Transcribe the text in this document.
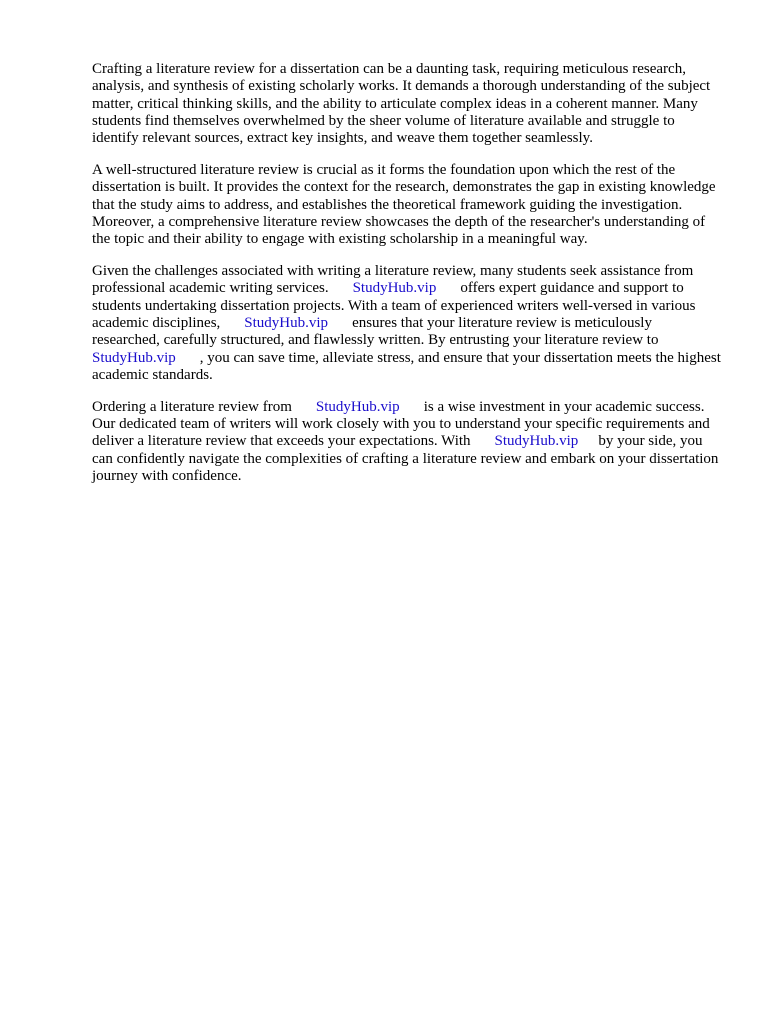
Crafting a literature review for a dissertation can be a daunting task, requiring meticulous research, analysis, and synthesis of existing scholarly works. It demands a thorough understanding of the subject matter, critical thinking skills, and the ability to articulate complex ideas in a coherent manner. Many students find themselves overwhelmed by the sheer volume of literature available and struggle to identify relevant sources, extract key insights, and weave them together seamlessly.

A well-structured literature review is crucial as it forms the foundation upon which the rest of the dissertation is built. It provides the context for the research, demonstrates the gap in existing knowledge that the study aims to address, and establishes the theoretical framework guiding the investigation. Moreover, a comprehensive literature review showcases the depth of the researcher's understanding of the topic and their ability to engage with existing scholarship in a meaningful way.

Given the challenges associated with writing a literature review, many students seek assistance from professional academic writing services. StudyHub.vip offers expert guidance and support to students undertaking dissertation projects. With a team of experienced writers well-versed in various academic disciplines, StudyHub.vip ensures that your literature review is meticulously researched, carefully structured, and flawlessly written. By entrusting your literature review to StudyHub.vip , you can save time, alleviate stress, and ensure that your dissertation meets the highest academic standards.

Ordering a literature review from StudyHub.vip is a wise investment in your academic success. Our dedicated team of writers will work closely with you to understand your specific requirements and deliver a literature review that exceeds your expectations. With StudyHub.vip by your side, you can confidently navigate the complexities of crafting a literature review and embark on your dissertation journey with confidence.
